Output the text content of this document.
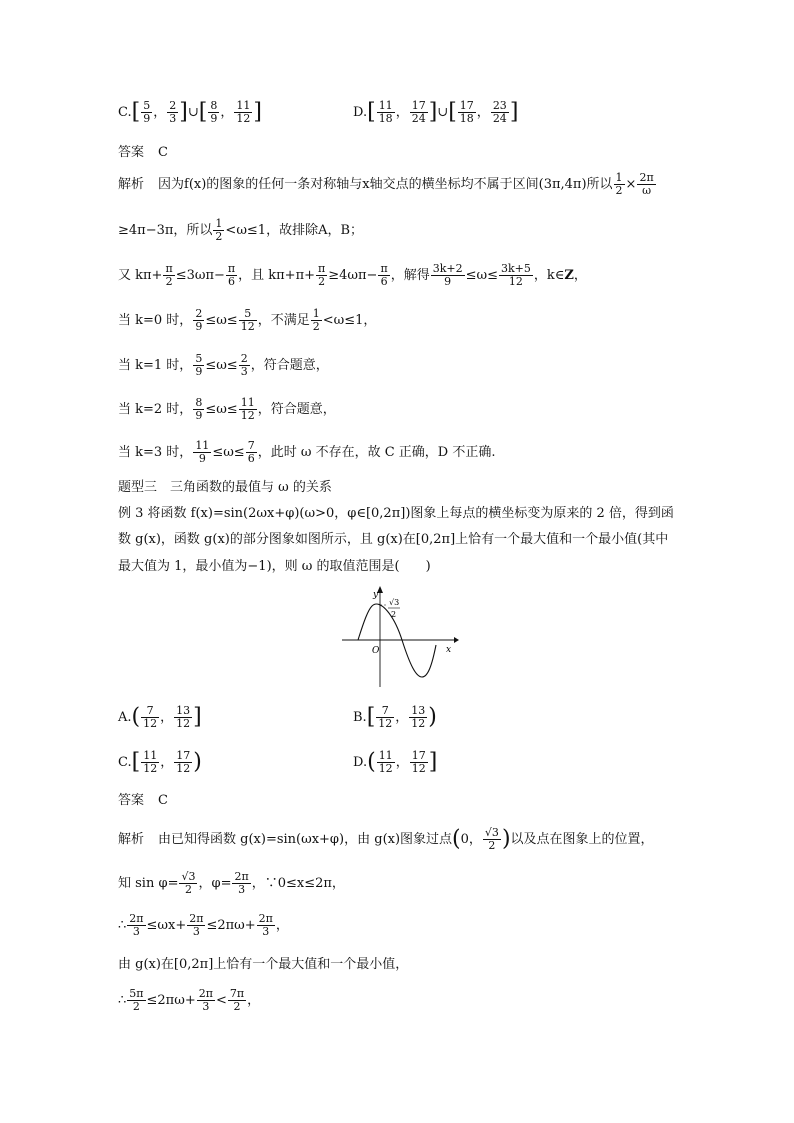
$C.[ \frac{5}{9}$ ， $\frac{2}{3}$ ]∪[ $\frac{8}{9}$ ， $\frac{11}{12}$ ]	$D.[ \frac{11}{18}$ ， $\frac{17}{24}$ ]∪[ $\frac{17}{18}$ ， $\frac{23}{24}$ ]
答案 C
解析 因为f(x)的图象的任何一条对称轴与x轴交点的横坐标均不属于区间(3π,4π)所以 $\frac{1}{2} \times \frac{2\pi}{\omega}$
≥4π−3π，所以 $\frac{1}{2} <\omega\le 1$，故排除A，B；
又 $k\pi+ \frac{\pi}{2} \le 3\omega\pi- \frac{\pi}{6}$ ，且 $k\pi+\pi+ \frac{\pi}{2} \ge 4\omega\pi- \frac{\pi}{6}$ ，解得 $\frac{3k+2}{9} \le\omega\le \frac{3k+5}{12}$ ，k∈Z，
当 k=0 时， $\frac{2}{9} \le\omega\le \frac{5}{12}$ ，不满足 $\frac{1}{2} <\omega\le 1$，
当 k=1 时， $\frac{5}{9} \le\omega\le \frac{2}{3}$ ，符合题意，
当 k=2 时， $\frac{8}{9} \le\omega\le \frac{11}{12}$ ，符合题意，
当 k=3 时， $\frac{11}{9} \le\omega\le \frac{7}{6}$ ，此时 ω 不存在，故 C 正确，D 不正确.
题型三　三角函数的最值与 ω 的关系
例 3 将函数 f(x)=sin(2ωx+φ)(ω>0，φ∈[0,2π])图象上每点的横坐标变为原来的 2 倍，得到函
数 g(x)，函数 g(x)的部分图象如图所示，且 g(x)在[0,2π]上恰有一个最大值和一个最小值(其中
最大值为 1，最小值为−1)，则 ω 的取值范围是(　　)
y
x
O
√3
2
$A.( \frac{7}{12}$ ， $\frac{13}{12}$ ]	$B.[ \frac{7}{12}$ ， $\frac{13}{12}$ )
$C.[ \frac{11}{12}$ ， $\frac{17}{12}$ )	$D.( \frac{11}{12}$ ， $\frac{17}{12}$ ]
答案 C
解析 由已知得函数 g(x)=sin(ωx+φ)，由 g(x)图象过点(0， $\frac{√3}{2}$ )以及点在图象上的位置，
知 $\sin \varphi= \frac{√3}{2}$ ，$\varphi= \frac{2\pi}{3}$ ，∵0≤x≤2π，
∴ $\frac{2\pi}{3} \le\omega x+ \frac{2\pi}{3} \le 2\pi\omega+ \frac{2\pi}{3}$ ，
由 g(x)在[0,2π]上恰有一个最大值和一个最小值，
∴ $\frac{5\pi}{2} \le 2\pi\omega+ \frac{2\pi}{3} < \frac{7\pi}{2}$ ，
